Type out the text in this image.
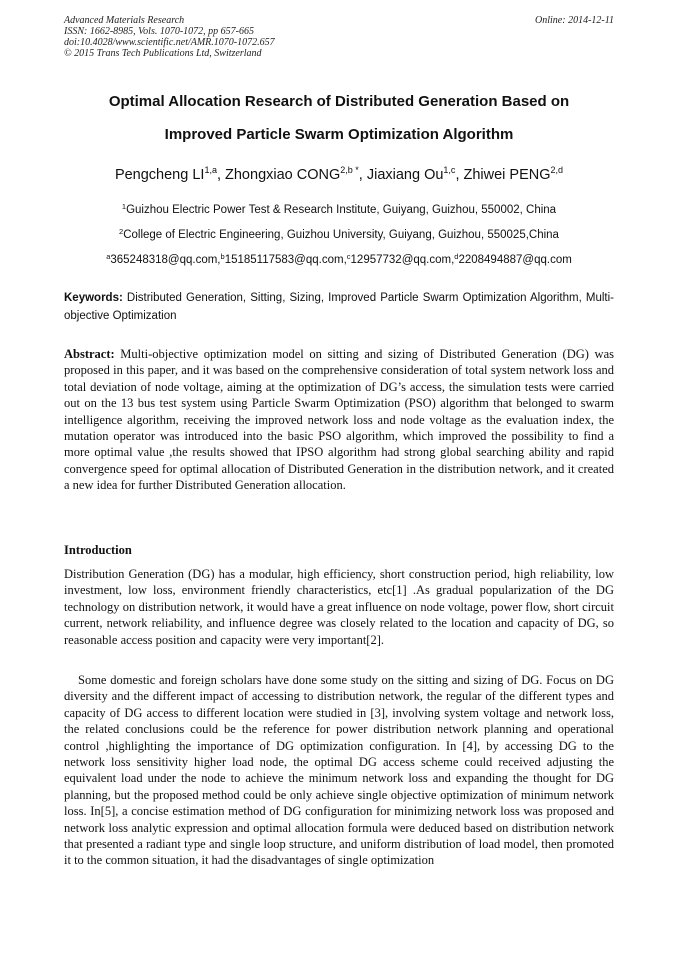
Advanced Materials Research
ISSN: 1662-8985, Vols. 1070-1072, pp 657-665
doi:10.4028/www.scientific.net/AMR.1070-1072.657
© 2015 Trans Tech Publications Ltd, Switzerland
Online: 2014-12-11
Optimal Allocation Research of Distributed Generation Based on
Improved Particle Swarm Optimization Algorithm
Pengcheng LI$^{1,a}$, Zhongxiao $CONG^{2,b *}$, Jiaxiang Ou$^{1,c}$, Zhiwei PENG$^{2,d}$
$^1$Guizhou Electric Power Test & Research Institute, Guiyang, Guizhou, 550002, China
$^2$College of Electric Engineering, Guizhou University, Guiyang, Guizhou, 550025,China
$^a$365248318@qq.com,$^b$15185117583@qq.com,$^c$12957732@qq.com,$^d$2208494887@qq.com
Keywords: Distributed Generation, Sitting, Sizing, Improved Particle Swarm Optimization Algorithm, Multi-objective Optimization
Abstract: Multi-objective optimization model on sitting and sizing of Distributed Generation (DG) was proposed in this paper, and it was based on the comprehensive consideration of total system network loss and total deviation of node voltage, aiming at the optimization of DG’s access, the simulation tests were carried out on the 13 bus test system using Particle Swarm Optimization (PSO) algorithm that belonged to swarm intelligence algorithm, receiving the improved network loss and node voltage as the evaluation index, the mutation operator was introduced into the basic PSO algorithm, which improved the possibility to find a more optimal value ,the results showed that IPSO algorithm had strong global searching ability and rapid convergence speed for optimal allocation of Distributed Generation in the distribution network, and it created a new idea for further Distributed Generation allocation.
Introduction
Distribution Generation (DG) has a modular, high efficiency, short construction period, high reliability, low investment, low loss, environment friendly characteristics, etc[1] .As gradual popularization of the DG technology on distribution network, it would have a great influence on node voltage, power flow, short circuit current, network reliability, and influence degree was closely related to the location and capacity of DG, so reasonable access position and capacity were very important[2].
Some domestic and foreign scholars have done some study on the sitting and sizing of DG. Focus on DG diversity and the different impact of accessing to distribution network, the regular of the different types and capacity of DG access to different location were studied in [3], involving system voltage and network loss, the related conclusions could be the reference for power distribution network planning and operational control ,highlighting the importance of DG optimization configuration. In [4], by accessing DG to the network loss sensitivity higher load node, the optimal DG access scheme could received adjusting the equivalent load under the node to achieve the minimum network loss and expanding the thought for DG planning, but the proposed method could be only achieve single objective optimization of minimum network loss. In[5], a concise estimation method of DG configuration for minimizing network loss was proposed and network loss analytic expression and optimal allocation formula were deduced based on distribution network that presented a radiant type and single loop structure, and uniform distribution of load model, then promoted it to the common situation, it had the disadvantages of single optimization
